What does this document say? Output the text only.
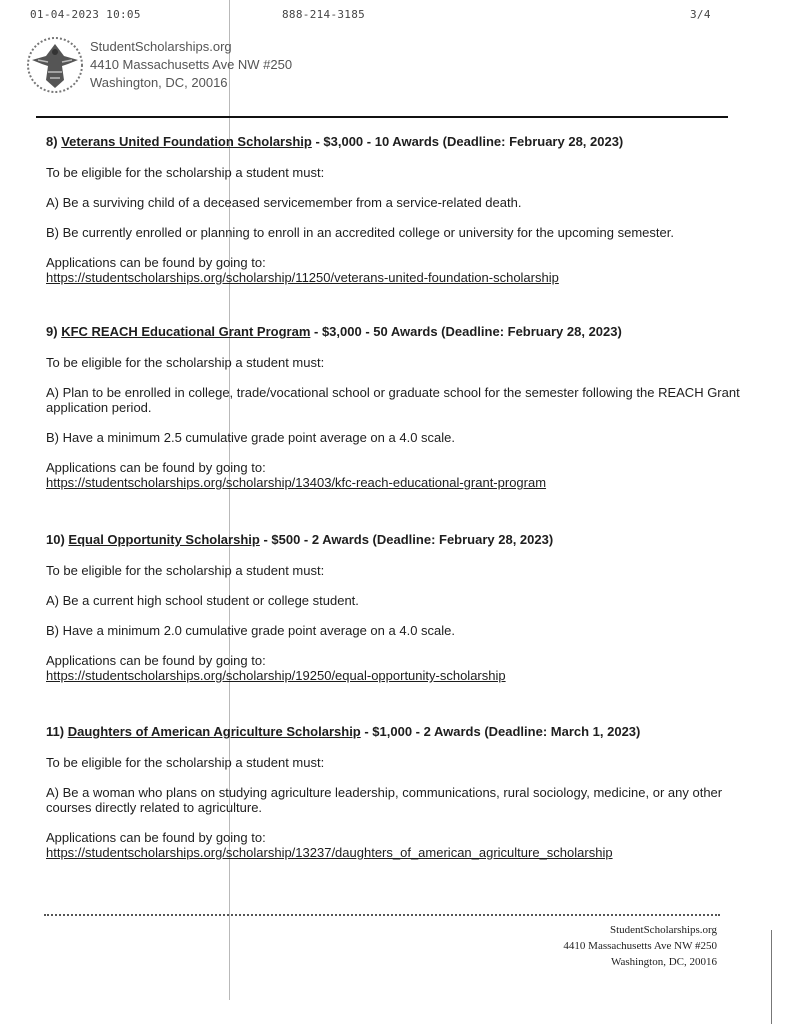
01-04-2023 10:05	888-214-3185	3/4
StudentScholarships.org
4410 Massachusetts Ave NW #250
Washington, DC, 20016
8) Veterans United Foundation Scholarship - $3,000 - 10 Awards (Deadline: February 28, 2023)

To be eligible for the scholarship a student must:

A) Be a surviving child of a deceased servicemember from a service-related death.

B) Be currently enrolled or planning to enroll in an accredited college or university for the upcoming semester.

Applications can be found by going to:
https://studentscholarships.org/scholarship/11250/veterans-united-foundation-scholarship
9) KFC REACH Educational Grant Program - $3,000 - 50 Awards (Deadline: February 28, 2023)

To be eligible for the scholarship a student must:

A) Plan to be enrolled in college, trade/vocational school or graduate school for the semester following the REACH Grant application period.

B) Have a minimum 2.5 cumulative grade point average on a 4.0 scale.

Applications can be found by going to:
https://studentscholarships.org/scholarship/13403/kfc-reach-educational-grant-program
10) Equal Opportunity Scholarship - $500 - 2 Awards (Deadline: February 28, 2023)

To be eligible for the scholarship a student must:

A) Be a current high school student or college student.

B) Have a minimum 2.0 cumulative grade point average on a 4.0 scale.

Applications can be found by going to:
https://studentscholarships.org/scholarship/19250/equal-opportunity-scholarship
11) Daughters of American Agriculture Scholarship - $1,000 - 2 Awards (Deadline: March 1, 2023)

To be eligible for the scholarship a student must:

A) Be a woman who plans on studying agriculture leadership, communications, rural sociology, medicine, or any other courses directly related to agriculture.

Applications can be found by going to:
https://studentscholarships.org/scholarship/13237/daughters_of_american_agriculture_scholarship
StudentScholarships.org
4410 Massachusetts Ave NW #250
Washington, DC, 20016
